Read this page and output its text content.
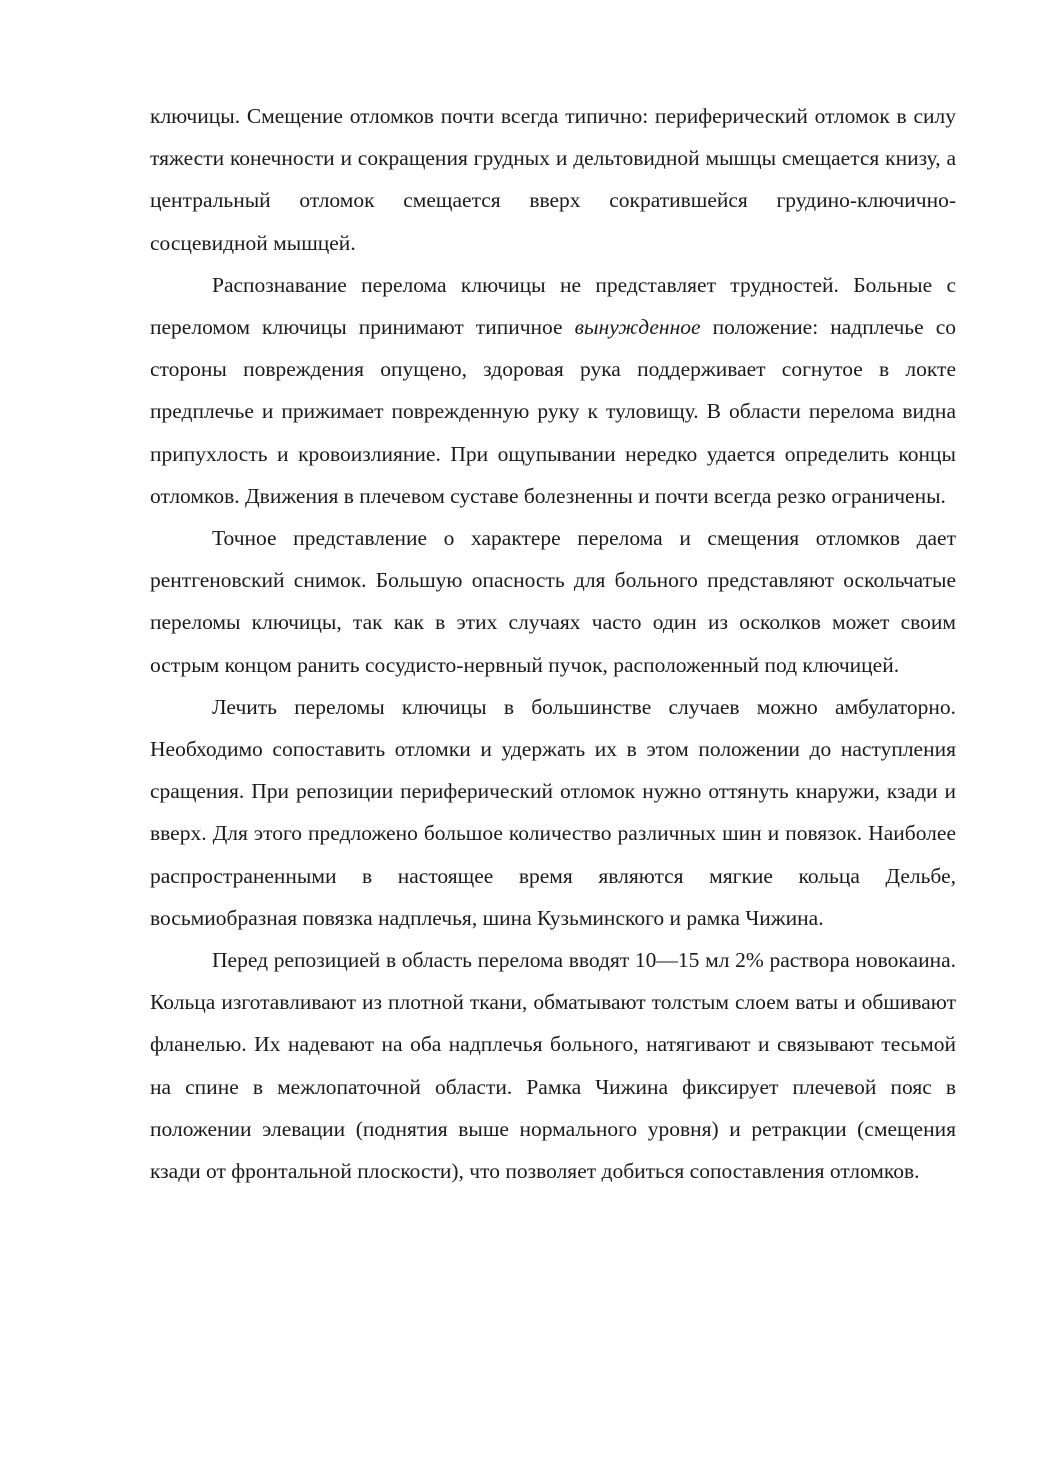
ключицы. Смещение отломков почти всегда типично: периферический отломок в силу тяжести конечности и сокращения грудных и дельтовидной мышцы смещается книзу, а центральный отломок смещается вверх сократившейся грудино-ключично-сосцевидной мышцей.

Распознавание перелома ключицы не представляет трудностей. Больные с переломом ключицы принимают типичное вынужденное положение: надплечье со стороны повреждения опущено, здоровая рука поддерживает согнутое в локте предплечье и прижимает поврежденную руку к туловищу. В области перелома видна припухлость и кровоизлияние. При ощупывании нередко удается определить концы отломков. Движения в плечевом суставе болезненны и почти всегда резко ограничены.

Точное представление о характере перелома и смещения отломков дает рентгеновский снимок. Большую опасность для больного представляют оскольчатые переломы ключицы, так как в этих случаях часто один из осколков может своим острым концом ранить сосудисто-нервный пучок, расположенный под ключицей.

Лечить переломы ключицы в большинстве случаев можно амбулаторно. Необходимо сопоставить отломки и удержать их в этом положении до наступления сращения. При репозиции периферический отломок нужно оттянуть кнаружи, кзади и вверх. Для этого предложено большое количество различных шин и повязок. Наиболее распространенными в настоящее время являются мягкие кольца Дельбе, восьмиобразная повязка надплечья, шина Кузьминского и рамка Чижина.

Перед репозицией в область перелома вводят 10—15 мл 2% раствора новокаина. Кольца изготавливают из плотной ткани, обматывают толстым слоем ваты и обшивают фланелью. Их надевают на оба надплечья больного, натягивают и связывают тесьмой на спине в межлопаточной области. Рамка Чижина фиксирует плечевой пояс в положении элевации (поднятия выше нормального уровня) и ретракции (смещения кзади от фронтальной плоскости), что позволяет добиться сопоставления отломков.
